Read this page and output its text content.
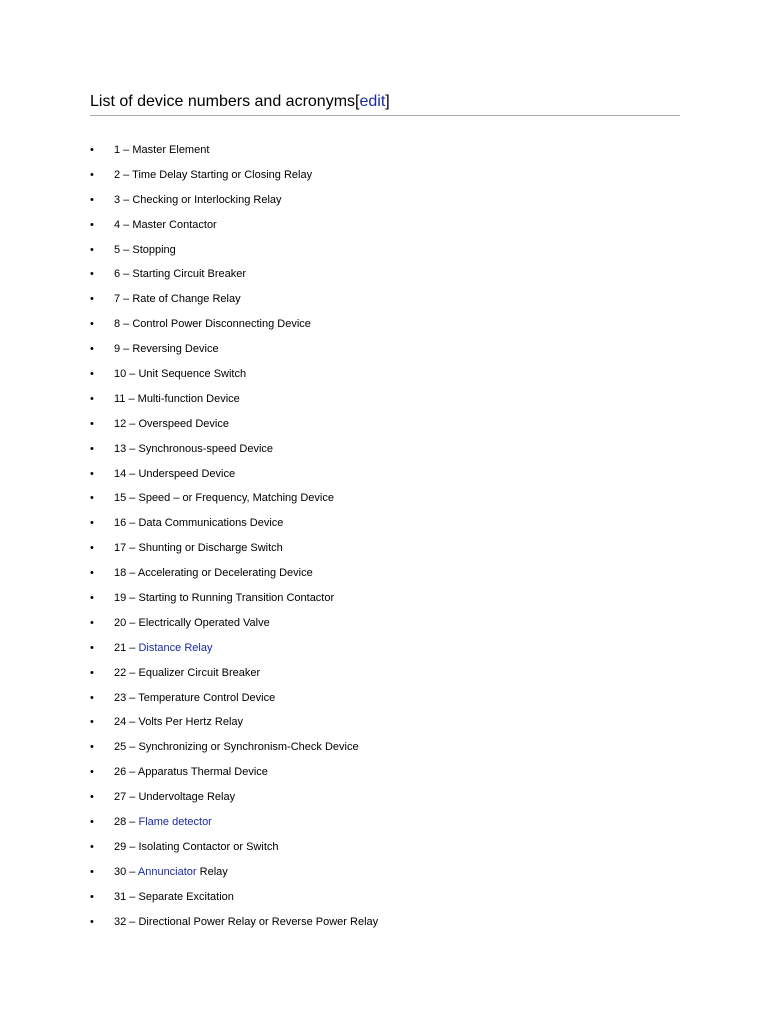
List of device numbers and acronyms[edit]
• 1 – Master Element
• 2 – Time Delay Starting or Closing Relay
• 3 – Checking or Interlocking Relay
• 4 – Master Contactor
• 5 – Stopping
• 6 – Starting Circuit Breaker
• 7 – Rate of Change Relay
• 8 – Control Power Disconnecting Device
• 9 – Reversing Device
• 10 – Unit Sequence Switch
• 11 – Multi-function Device
• 12 – Overspeed Device
• 13 – Synchronous-speed Device
• 14 – Underspeed Device
• 15 – Speed – or Frequency, Matching Device
• 16 – Data Communications Device
• 17 – Shunting or Discharge Switch
• 18 – Accelerating or Decelerating Device
• 19 – Starting to Running Transition Contactor
• 20 – Electrically Operated Valve
• 21 – Distance Relay
• 22 – Equalizer Circuit Breaker
• 23 – Temperature Control Device
• 24 – Volts Per Hertz Relay
• 25 – Synchronizing or Synchronism-Check Device
• 26 – Apparatus Thermal Device
• 27 – Undervoltage Relay
• 28 – Flame detector
• 29 – Isolating Contactor or Switch
• 30 – Annunciator Relay
• 31 – Separate Excitation
• 32 – Directional Power Relay or Reverse Power Relay
